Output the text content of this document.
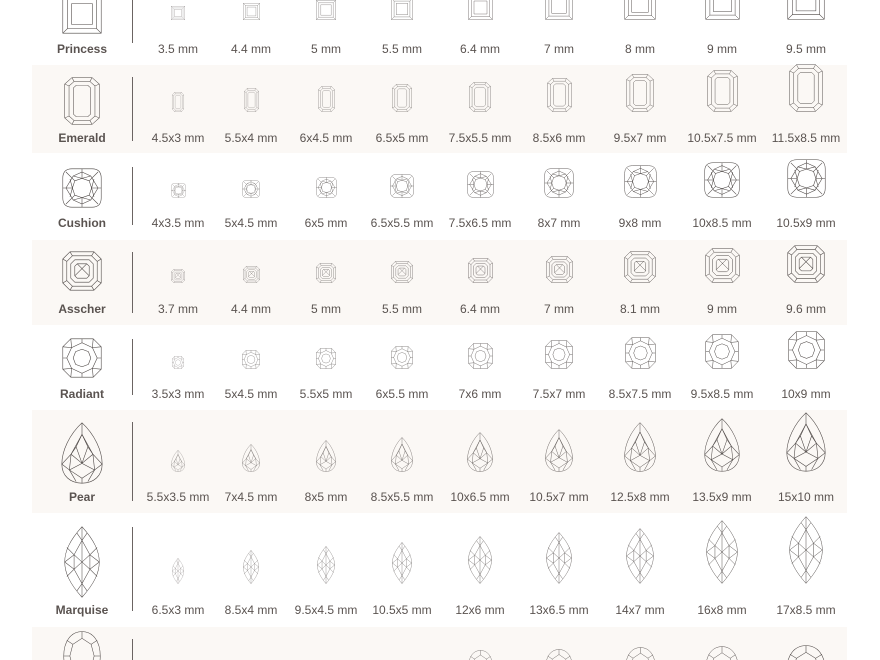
Princess	3.5 mm	4.4 mm	5 mm	5.5 mm	6.4 mm	7 mm	8 mm	9 mm	9.5 mm
Emerald	4.5x3 mm	5.5x4 mm	6x4.5 mm	6.5x5 mm	7.5x5.5 mm	8.5x6 mm	9.5x7 mm	10.5x7.5 mm	11.5x8.5 mm
Cushion	4x3.5 mm	5x4.5 mm	6x5 mm	6.5x5.5 mm	7.5x6.5 mm	8x7 mm	9x8 mm	10x8.5 mm	10.5x9 mm
Asscher	3.7 mm	4.4 mm	5 mm	5.5 mm	6.4 mm	7 mm	8.1 mm	9 mm	9.6 mm
Radiant	3.5x3 mm	5x4.5 mm	5.5x5 mm	6x5.5 mm	7x6 mm	7.5x7 mm	8.5x7.5 mm	9.5x8.5 mm	10x9 mm
Pear	5.5x3.5 mm	7x4.5 mm	8x5 mm	8.5x5.5 mm	10x6.5 mm	10.5x7 mm	12.5x8 mm	13.5x9 mm	15x10 mm
Marquise	6.5x3 mm	8.5x4 mm	9.5x4.5 mm	10.5x5 mm	12x6 mm	13x6.5 mm	14x7 mm	16x8 mm	17x8.5 mm
